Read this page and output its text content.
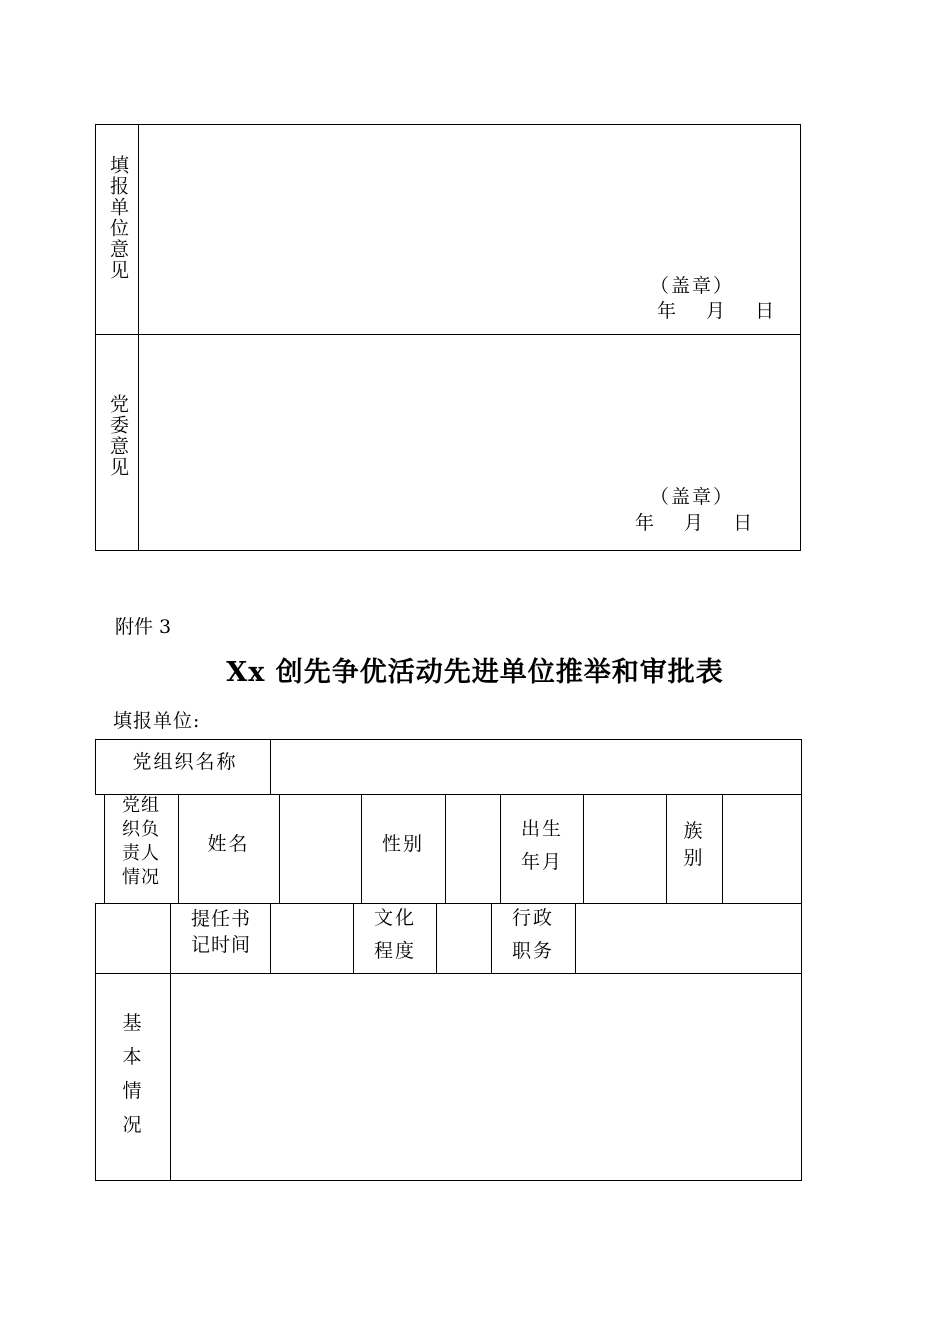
填报单位意见
（盖章）
年 月 日
党委意见
（盖章）
年 月 日
附件 3
Xx 创先争优活动先进单位推举和审批表
填报单位:
党组织名称
党组织负责人情况
姓名	性别
出生年月
族别
提任书记时间
文化程度
行政职务
基本情况
